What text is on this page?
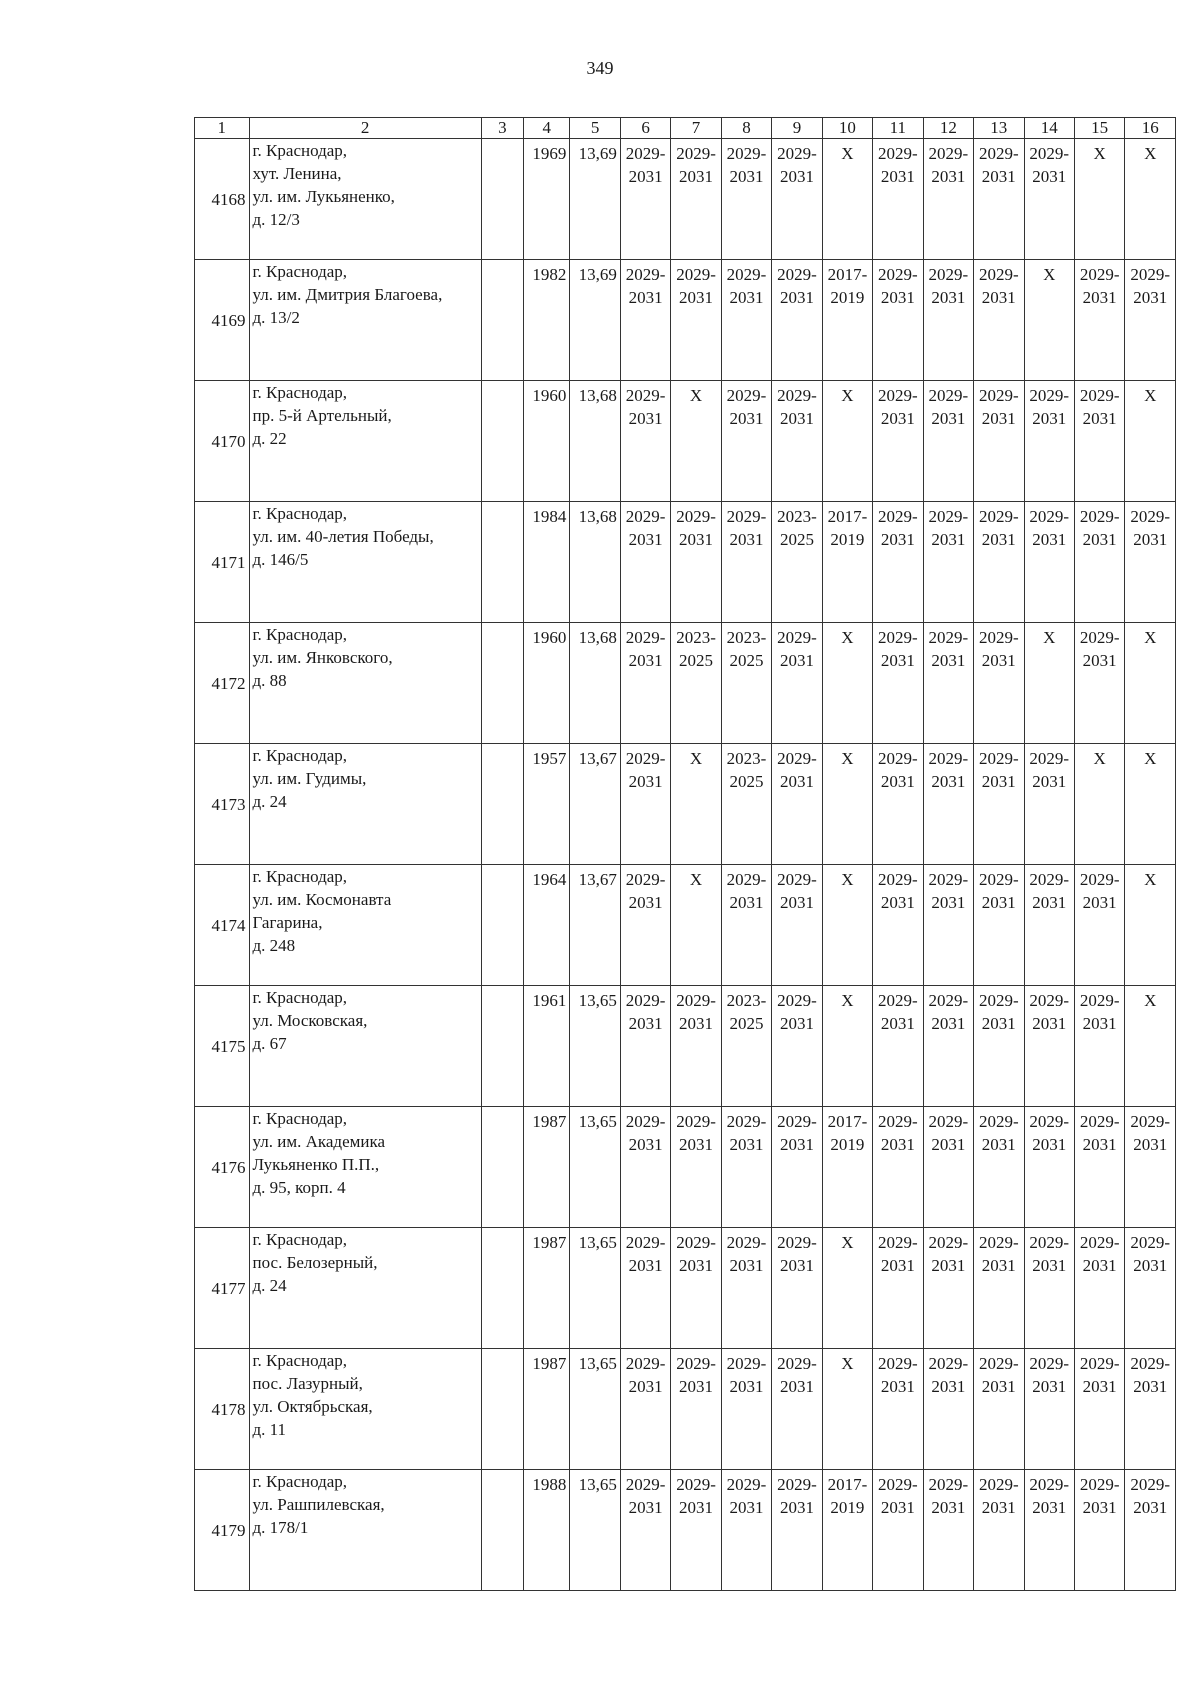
349
1	2	3	4	5	6	7	8	9	10	11	12	13	14	15	16
4168	г. Краснодар,
хут. Ленина,
ул. им. Лукьяненко,
д. 12/3		1969	13,69	2029-
2031	2029-
2031	2029-
2031	2029-
2031	X	2029-
2031	2029-
2031	2029-
2031	2029-
2031	X	X

4169	г. Краснодар,
ул. им. Дмитрия Благоева,
д. 13/2		1982	13,69	2029-
2031	2029-
2031	2029-
2031	2029-
2031	2017-
2019	2029-
2031	2029-
2031	2029-
2031	X	2029-
2031	2029-
2031

4170	г. Краснодар,
пр. 5-й Артельный,
д. 22		1960	13,68	2029-
2031	X	2029-
2031	2029-
2031	X	2029-
2031	2029-
2031	2029-
2031	2029-
2031	2029-
2031	X

4171	г. Краснодар,
ул. им. 40-летия Победы,
д. 146/5		1984	13,68	2029-
2031	2029-
2031	2029-
2031	2023-
2025	2017-
2019	2029-
2031	2029-
2031	2029-
2031	2029-
2031	2029-
2031	2029-
2031

4172	г. Краснодар,
ул. им. Янковского,
д. 88		1960	13,68	2029-
2031	2023-
2025	2023-
2025	2029-
2031	X	2029-
2031	2029-
2031	2029-
2031	X	2029-
2031	X

4173	г. Краснодар,
ул. им. Гудимы,
д. 24		1957	13,67	2029-
2031	X	2023-
2025	2029-
2031	X	2029-
2031	2029-
2031	2029-
2031	2029-
2031	X	X

4174	г. Краснодар,
ул. им. Космонавта
Гагарина,
д. 248		1964	13,67	2029-
2031	X	2029-
2031	2029-
2031	X	2029-
2031	2029-
2031	2029-
2031	2029-
2031	2029-
2031	X

4175	г. Краснодар,
ул. Московская,
д. 67		1961	13,65	2029-
2031	2029-
2031	2023-
2025	2029-
2031	X	2029-
2031	2029-
2031	2029-
2031	2029-
2031	2029-
2031	X

4176	г. Краснодар,
ул. им. Академика
Лукьяненко П.П.,
д. 95, корп. 4		1987	13,65	2029-
2031	2029-
2031	2029-
2031	2029-
2031	2017-
2019	2029-
2031	2029-
2031	2029-
2031	2029-
2031	2029-
2031	2029-
2031

4177	г. Краснодар,
пос. Белозерный,
д. 24		1987	13,65	2029-
2031	2029-
2031	2029-
2031	2029-
2031	X	2029-
2031	2029-
2031	2029-
2031	2029-
2031	2029-
2031	2029-
2031

4178	г. Краснодар,
пос. Лазурный,
ул. Октябрьская,
д. 11		1987	13,65	2029-
2031	2029-
2031	2029-
2031	2029-
2031	X	2029-
2031	2029-
2031	2029-
2031	2029-
2031	2029-
2031	2029-
2031

4179	г. Краснодар,
ул. Рашпилевская,
д. 178/1		1988	13,65	2029-
2031	2029-
2031	2029-
2031	2029-
2031	2017-
2019	2029-
2031	2029-
2031	2029-
2031	2029-
2031	2029-
2031	2029-
2031
